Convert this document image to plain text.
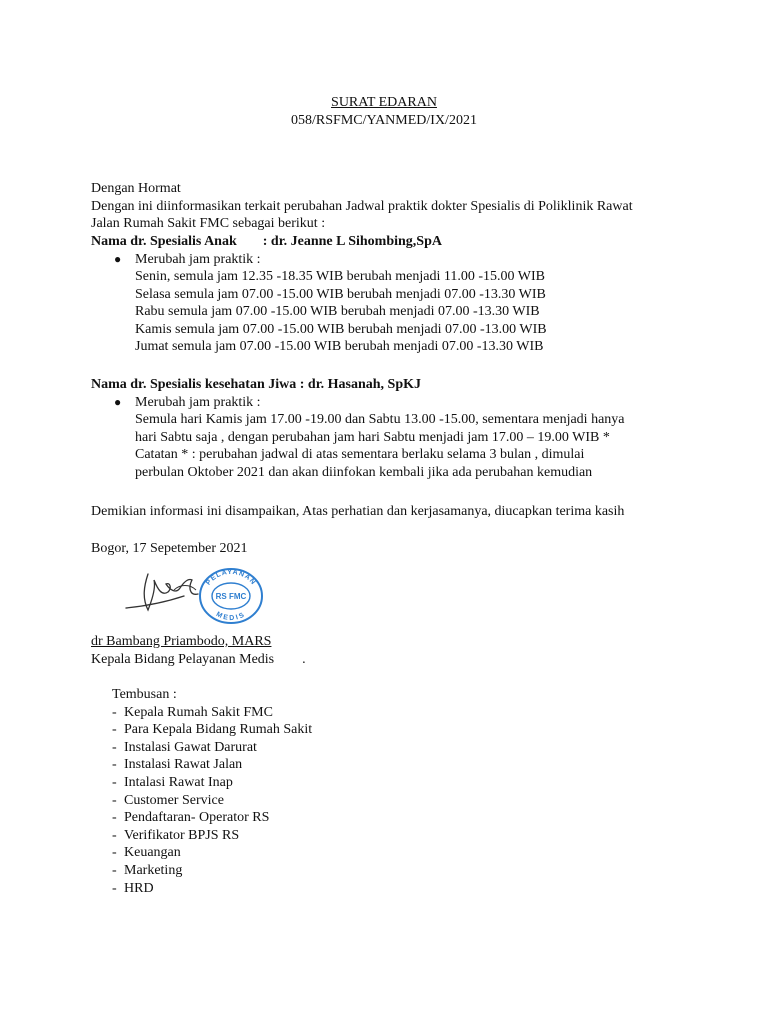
SURAT EDARAN
058/RSFMC/YANMED/IX/2021
Dengan Hormat
Dengan ini diinformasikan terkait perubahan Jadwal praktik dokter Spesialis di Poliklinik Rawat
Jalan Rumah Sakit FMC sebagai berikut :
Nama dr. Spesialis Anak : dr. Jeanne L Sihombing,SpA
● Merubah jam praktik :
Senin, semula jam 12.35 -18.35 WIB berubah menjadi 11.00 -15.00 WIB
Selasa semula jam 07.00 -15.00 WIB berubah menjadi 07.00 -13.30 WIB
Rabu semula jam 07.00 -15.00 WIB berubah menjadi 07.00 -13.30 WIB
Kamis semula jam 07.00 -15.00 WIB berubah menjadi 07.00 -13.00 WIB
Jumat semula jam 07.00 -15.00 WIB berubah menjadi 07.00 -13.30 WIB
Nama dr. Spesialis kesehatan Jiwa : dr. Hasanah, SpKJ
● Merubah jam praktik :
Semula hari Kamis jam 17.00 -19.00 dan Sabtu 13.00 -15.00, sementara menjadi hanya
hari Sabtu saja , dengan perubahan jam hari Sabtu menjadi jam 17.00 – 19.00 WIB *
Catatan * : perubahan jadwal di atas sementara berlaku selama 3 bulan , dimulai
perbulan Oktober 2021 dan akan diinfokan kembali jika ada perubahan kemudian
Demikian informasi ini disampaikan, Atas perhatian dan kerjasamanya, diucapkan terima kasih
Bogor, 17 Sepetember 2021
PELAYANAN
RS FMC
MEDIS
dr Bambang Priambodo, MARS
Kepala Bidang Pelayanan Medis .
Tembusan :
- Kepala Rumah Sakit FMC
- Para Kepala Bidang Rumah Sakit
- Instalasi Gawat Darurat
- Instalasi Rawat Jalan
- Intalasi Rawat Inap
- Customer Service
- Pendaftaran- Operator RS
- Verifikator BPJS RS
- Keuangan
- Marketing
- HRD
